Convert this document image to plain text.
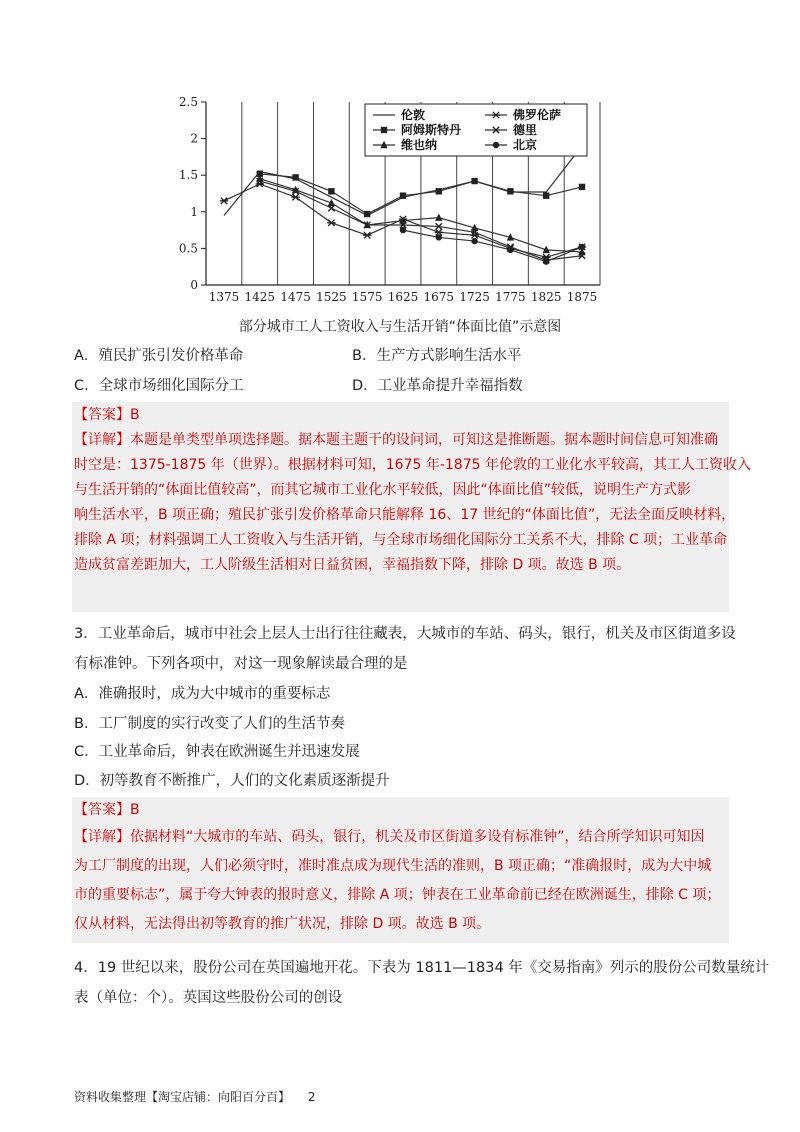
0
0.5
1
1.5
2
2.5
1375 1425 1475 1525 1575 1625 1675 1725 1775 1825 1875
伦敦	佛罗伦萨
阿姆斯特丹	德里
维也纳	北京
部分城市工人工资收入与生活开销“体面比值”示意图
A．殖民扩张引发价格革命	B．生产方式影响生活水平
C．全球市场细化国际分工	D．工业革命提升幸福指数
【答案】B
【详解】本题是单类型单项选择题。据本题主题干的设问词，可知这是推断题。据本题时间信息可知准确
时空是：1375-1875 年（世界）。根据材料可知，1675 年-1875 年伦敦的工业化水平较高，其工人工资收入
与生活开销的“体面比值较高”，而其它城市工业化水平较低，因此“体面比值”较低，说明生产方式影
响生活水平，B 项正确；殖民扩张引发价格革命只能解释 16、17 世纪的“体面比值”，无法全面反映材料，
排除 A 项；材料强调工人工资收入与生活开销，与全球市场细化国际分工关系不大，排除 C 项；工业革命
造成贫富差距加大，工人阶级生活相对日益贫困，幸福指数下降，排除 D 项。故选 B 项。
3．工业革命后，城市中社会上层人士出行往往藏表，大城市的车站、码头，银行，机关及市区街道多设
有标准钟。下列各项中，对这一现象解读最合理的是
A．准确报时，成为大中城市的重要标志
B．工厂制度的实行改变了人们的生活节奏
C．工业革命后，钟表在欧洲诞生并迅速发展
D．初等教育不断推广，人们的文化素质逐渐提升
【答案】B
【详解】依据材料“大城市的车站、码头，银行，机关及市区街道多设有标准钟”，结合所学知识可知因
为工厂制度的出现，人们必须守时，准时准点成为现代生活的准则，B 项正确；“准确报时，成为大中城
市的重要标志”，属于夸大钟表的报时意义，排除 A 项；钟表在工业革命前已经在欧洲诞生，排除 C 项；
仅从材料，无法得出初等教育的推广状况，排除 D 项。故选 B 项。
4．19 世纪以来，股份公司在英国遍地开花。下表为 1811—1834 年《交易指南》列示的股份公司数量统计
表（单位：个）。英国这些股份公司的创设
资料收集整理【淘宝店铺：向阳百分百】 2
